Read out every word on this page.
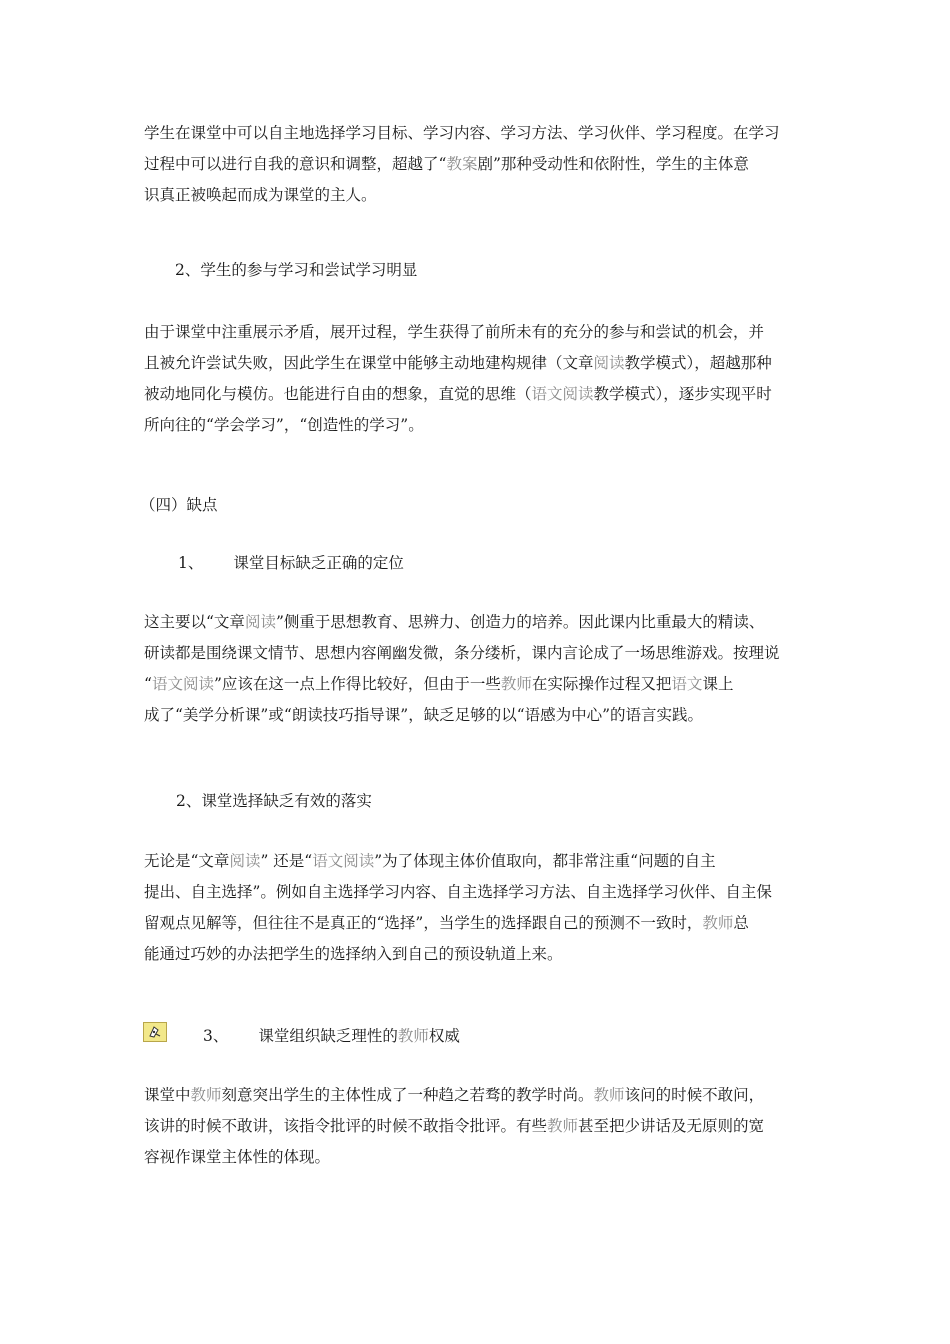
学生在课堂中可以自主地选择学习目标、学习内容、学习方法、学习伙伴、学习程度。在学习
过程中可以进行自我的意识和调整，超越了“教案剧”那种受动性和依附性，学生的主体意
识真正被唤起而成为课堂的主人。

2、学生的参与学习和尝试学习明显

由于课堂中注重展示矛盾，展开过程，学生获得了前所未有的充分的参与和尝试的机会，并
且被允许尝试失败，因此学生在课堂中能够主动地建构规律（文章阅读教学模式），超越那种
被动地同化与模仿。也能进行自由的想象，直觉的思维（语文阅读教学模式），逐步实现平时
所向往的“学会学习”，“创造性的学习”。

（四）缺点
1、 课堂目标缺乏正确的定位

这主要以“文章阅读”侧重于思想教育、思辨力、创造力的培养。因此课内比重最大的精读、
研读都是围绕课文情节、思想内容阐幽发微，条分缕析，课内言论成了一场思维游戏。按理说
“语文阅读”应该在这一点上作得比较好，但由于一些教师在实际操作过程又把语文课上
成了“美学分析课”或“朗读技巧指导课”，缺乏足够的以“语感为中心”的语言实践。

2、课堂选择缺乏有效的落实

无论是“文章阅读” 还是“语文阅读”为了体现主体价值取向，都非常注重“问题的自主
提出、自主选择”。例如自主选择学习内容、自主选择学习方法、自主选择学习伙伴、自主保
留观点见解等，但往往不是真正的“选择”，当学生的选择跟自己的预测不一致时，教师总
能通过巧妙的办法把学生的选择纳入到自己的预设轨道上来。

3、 课堂组织缺乏理性的教师权威

课堂中教师刻意突出学生的主体性成了一种趋之若骛的教学时尚。教师该问的时候不敢问，
该讲的时候不敢讲，该指令批评的时候不敢指令批评。有些教师甚至把少讲话及无原则的宽
容视作课堂主体性的体现。
